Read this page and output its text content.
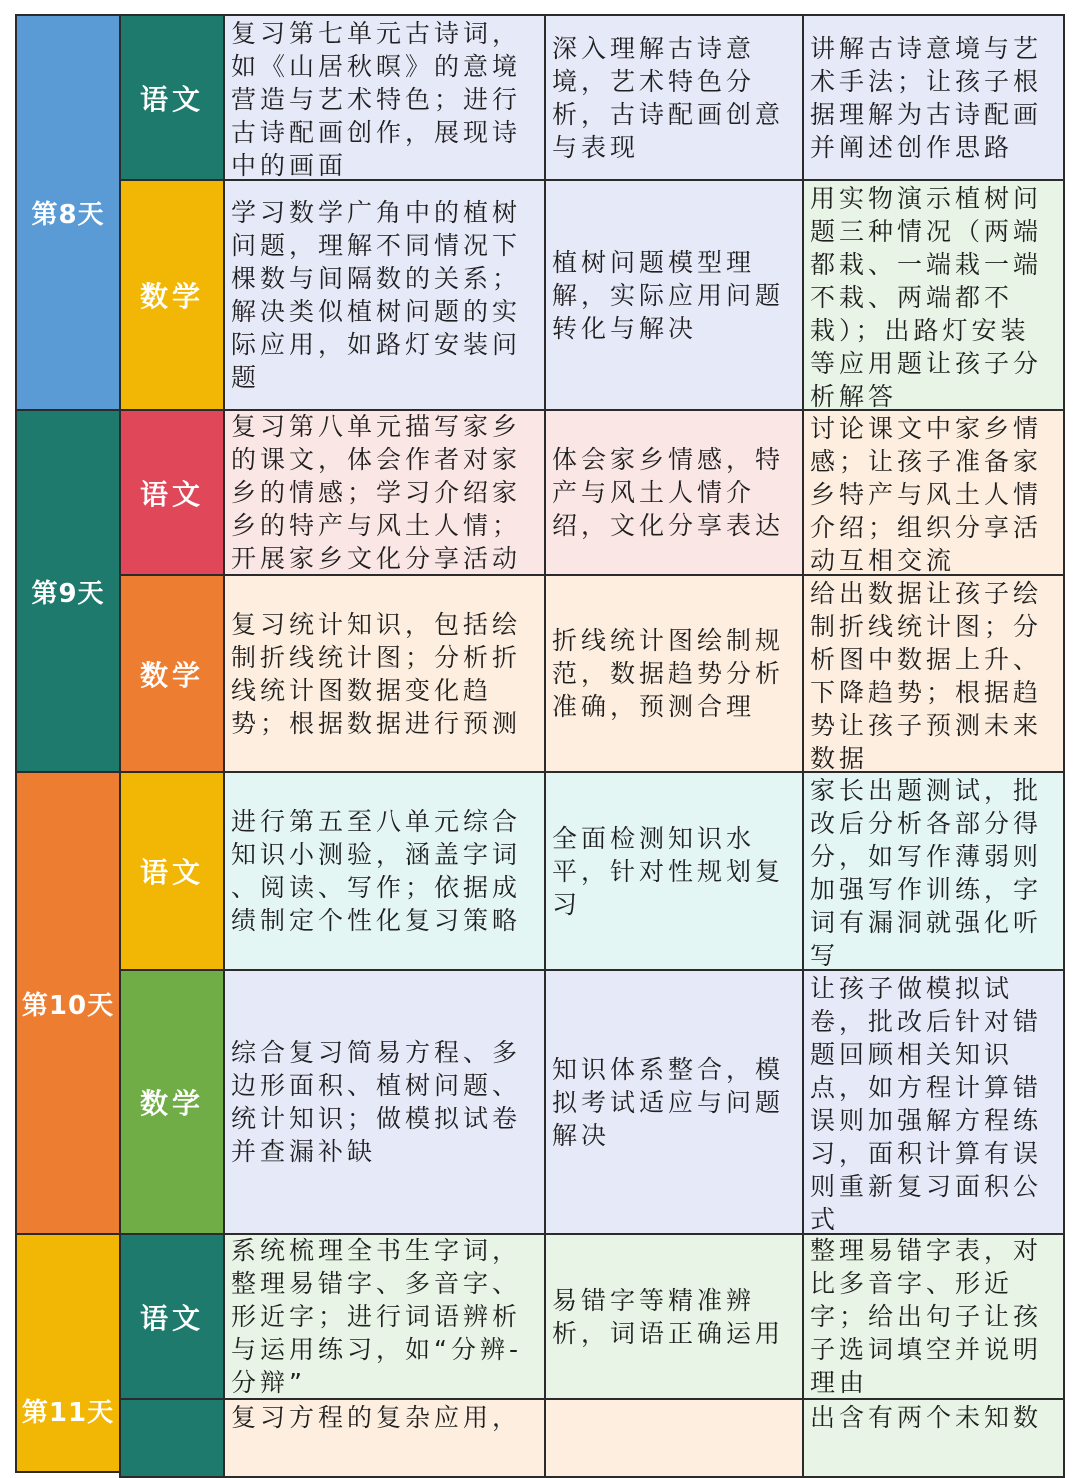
第8天
语文
复习第七单元古诗词，
如《山居秋暝》的意境
营造与艺术特色；进行
古诗配画创作，展现诗
中的画面
深入理解古诗意
境，艺术特色分
析，古诗配画创意
与表现
讲解古诗意境与艺
术手法；让孩子根
据理解为古诗配画
并阐述创作思路
数学
学习数学广角中的植树
问题，理解不同情况下
棵数与间隔数的关系；
解决类似植树问题的实
际应用，如路灯安装问
题
植树问题模型理
解，实际应用问题
转化与解决
用实物演示植树问
题三种情况（两端
都栽、一端栽一端
不栽、两端都不
栽）；出路灯安装
等应用题让孩子分
析解答
第9天
语文
复习第八单元描写家乡
的课文，体会作者对家
乡的情感；学习介绍家
乡的特产与风土人情；
开展家乡文化分享活动
体会家乡情感，特
产与风土人情介
绍，文化分享表达
讨论课文中家乡情
感；让孩子准备家
乡特产与风土人情
介绍；组织分享活
动互相交流
数学
复习统计知识，包括绘
制折线统计图；分析折
线统计图数据变化趋
势；根据数据进行预测
折线统计图绘制规
范，数据趋势分析
准确，预测合理
给出数据让孩子绘
制折线统计图；分
析图中数据上升、
下降趋势；根据趋
势让孩子预测未来
数据
第10天
语文
进行第五至八单元综合
知识小测验，涵盖字词
、阅读、写作；依据成
绩制定个性化复习策略
全面检测知识水
平，针对性规划复
习
家长出题测试，批
改后分析各部分得
分，如写作薄弱则
加强写作训练，字
词有漏洞就强化听
写
数学
综合复习简易方程、多
边形面积、植树问题、
统计知识；做模拟试卷
并查漏补缺
知识体系整合，模
拟考试适应与问题
解决
让孩子做模拟试
卷，批改后针对错
题回顾相关知识
点，如方程计算错
误则加强解方程练
习，面积计算有误
则重新复习面积公
式
第11天
语文
系统梳理全书生字词，
整理易错字、多音字、
形近字；进行词语辨析
与运用练习，如“分辨-
分辩”
易错字等精准辨
析，词语正确运用
整理易错字表，对
比多音字、形近
字；给出句子让孩
子选词填空并说明
理由
复习方程的复杂应用，	出含有两个未知数
